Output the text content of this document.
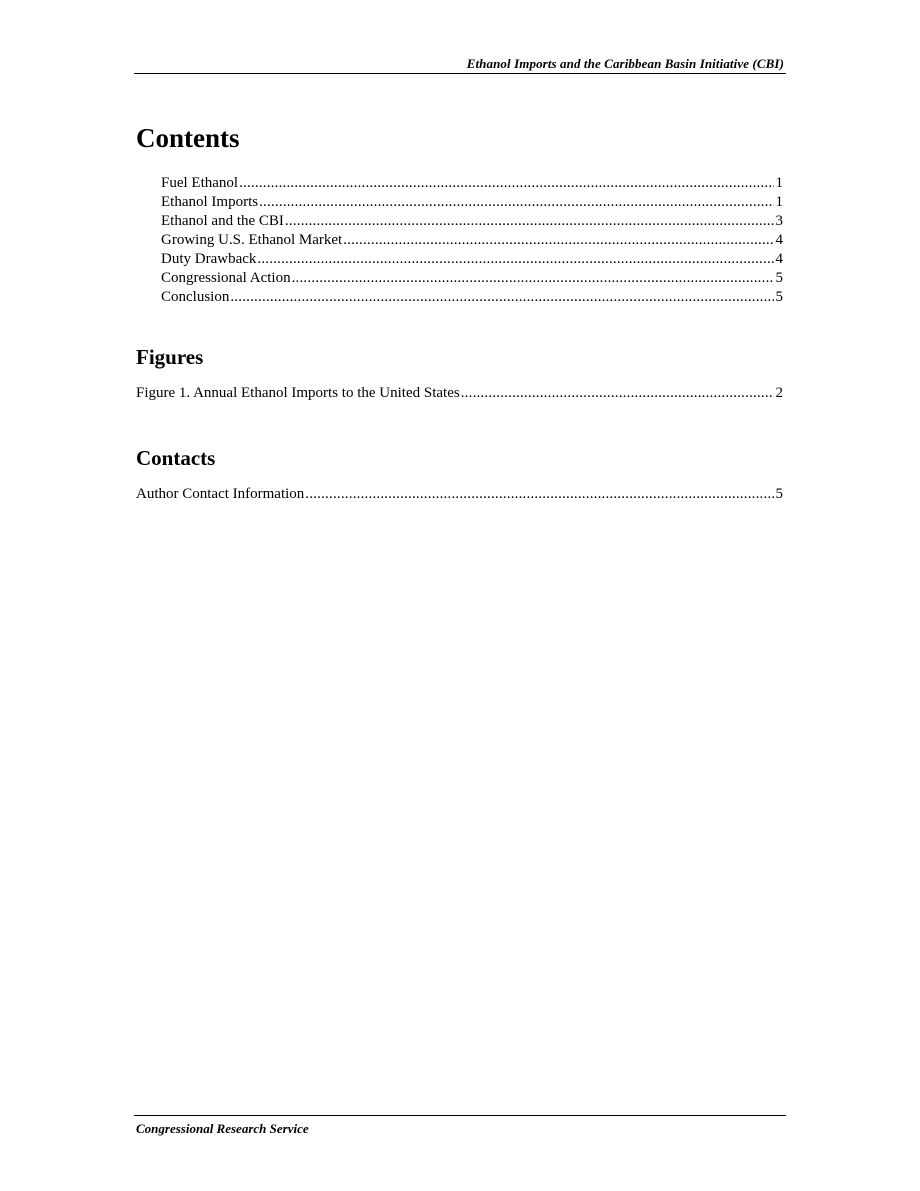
Ethanol Imports and the Caribbean Basin Initiative (CBI)
Contents
Fuel Ethanol .....	1
Ethanol Imports .....	1
Ethanol and the CBI .....	3
Growing U.S. Ethanol Market .....	4
Duty Drawback .....	4
Congressional Action .....	5
Conclusion .....	5
Figures
Figure 1. Annual Ethanol Imports to the United States .....	2
Contacts
Author Contact Information .....	5
Congressional Research Service
